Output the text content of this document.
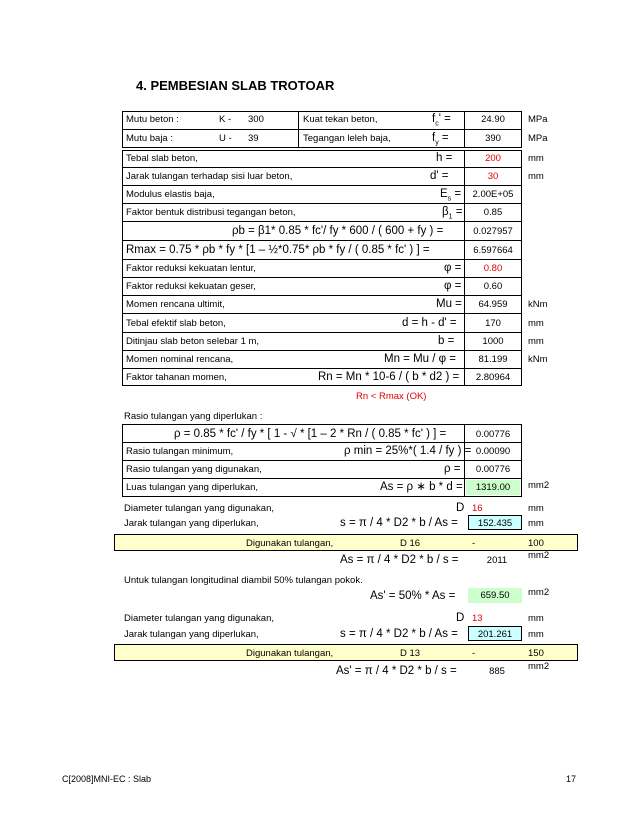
4. PEMBESIAN SLAB TROTOAR
Mutu beton :	K - 300	Kuat tekan beton,	$f_c'$ =	24.90	MPa
Mutu baja :	U - 39	Tegangan leleh baja,	$f_y$ =	390	MPa
Tebal slab beton,	h =	200	mm
Jarak tulangan terhadap sisi luar beton,	d' =	30	mm
Modulus elastis baja,	$E_s$ =	2.00E+05
Faktor bentuk distribusi tegangan beton,	$\beta_1$ =	0.85
ρb = β1* 0.85 * fc'/ fy * 600 / ( 600 + fy ) =	0.027957
Rmax = 0.75 * ρb * fy * [1 – ½*0.75* ρb * fy / ( 0.85 * fc' ) ] =	6.597664
Faktor reduksi kekuatan lentur,	φ =	0.80
Faktor reduksi kekuatan geser,	φ =	0.60
Momen rencana ultimit,	Mu =	64.959	kNm
Tebal efektif slab beton,	d = h - d' =	170	mm
Ditinjau slab beton selebar 1 m,	b =	1000	mm
Momen nominal rencana,	Mn = Mu / φ =	81.199	kNm
Faktor tahanan momen,	Rn = Mn * 10-6 / ( b * d2 ) =	2.80964
Rn < Rmax (OK)
Rasio tulangan yang diperlukan :
ρ = 0.85 * fc' / fy * [ 1 - √ * [1 – 2 * Rn / ( 0.85 * fc' ) ] =	0.00776
Rasio tulangan minimum,	ρ min = 25%*( 1.4 / fy ) = 0.00090
Rasio tulangan yang digunakan,	ρ =	0.00776
Luas tulangan yang diperlukan,	As = ρ ∗ b * d =	1319.00	mm2
Diameter tulangan yang digunakan,	D 16	mm
Jarak tulangan yang diperlukan,	s = π / 4 * D2 * b / As =	152.435	mm
Digunakan tulangan,	D 16	-	100
As = π / 4 * D2 * b / s =	2011	mm2
Untuk tulangan longitudinal diambil 50% tulangan pokok.
As' = 50% * As =	659.50	mm2
Diameter tulangan yang digunakan,	D 13	mm
Jarak tulangan yang diperlukan,	s = π / 4 * D2 * b / As =	201.261	mm
Digunakan tulangan,	D 13	-	150
As' = π / 4 * D2 * b / s =	885	mm2
C[2008]MNI-EC : Slab	17
